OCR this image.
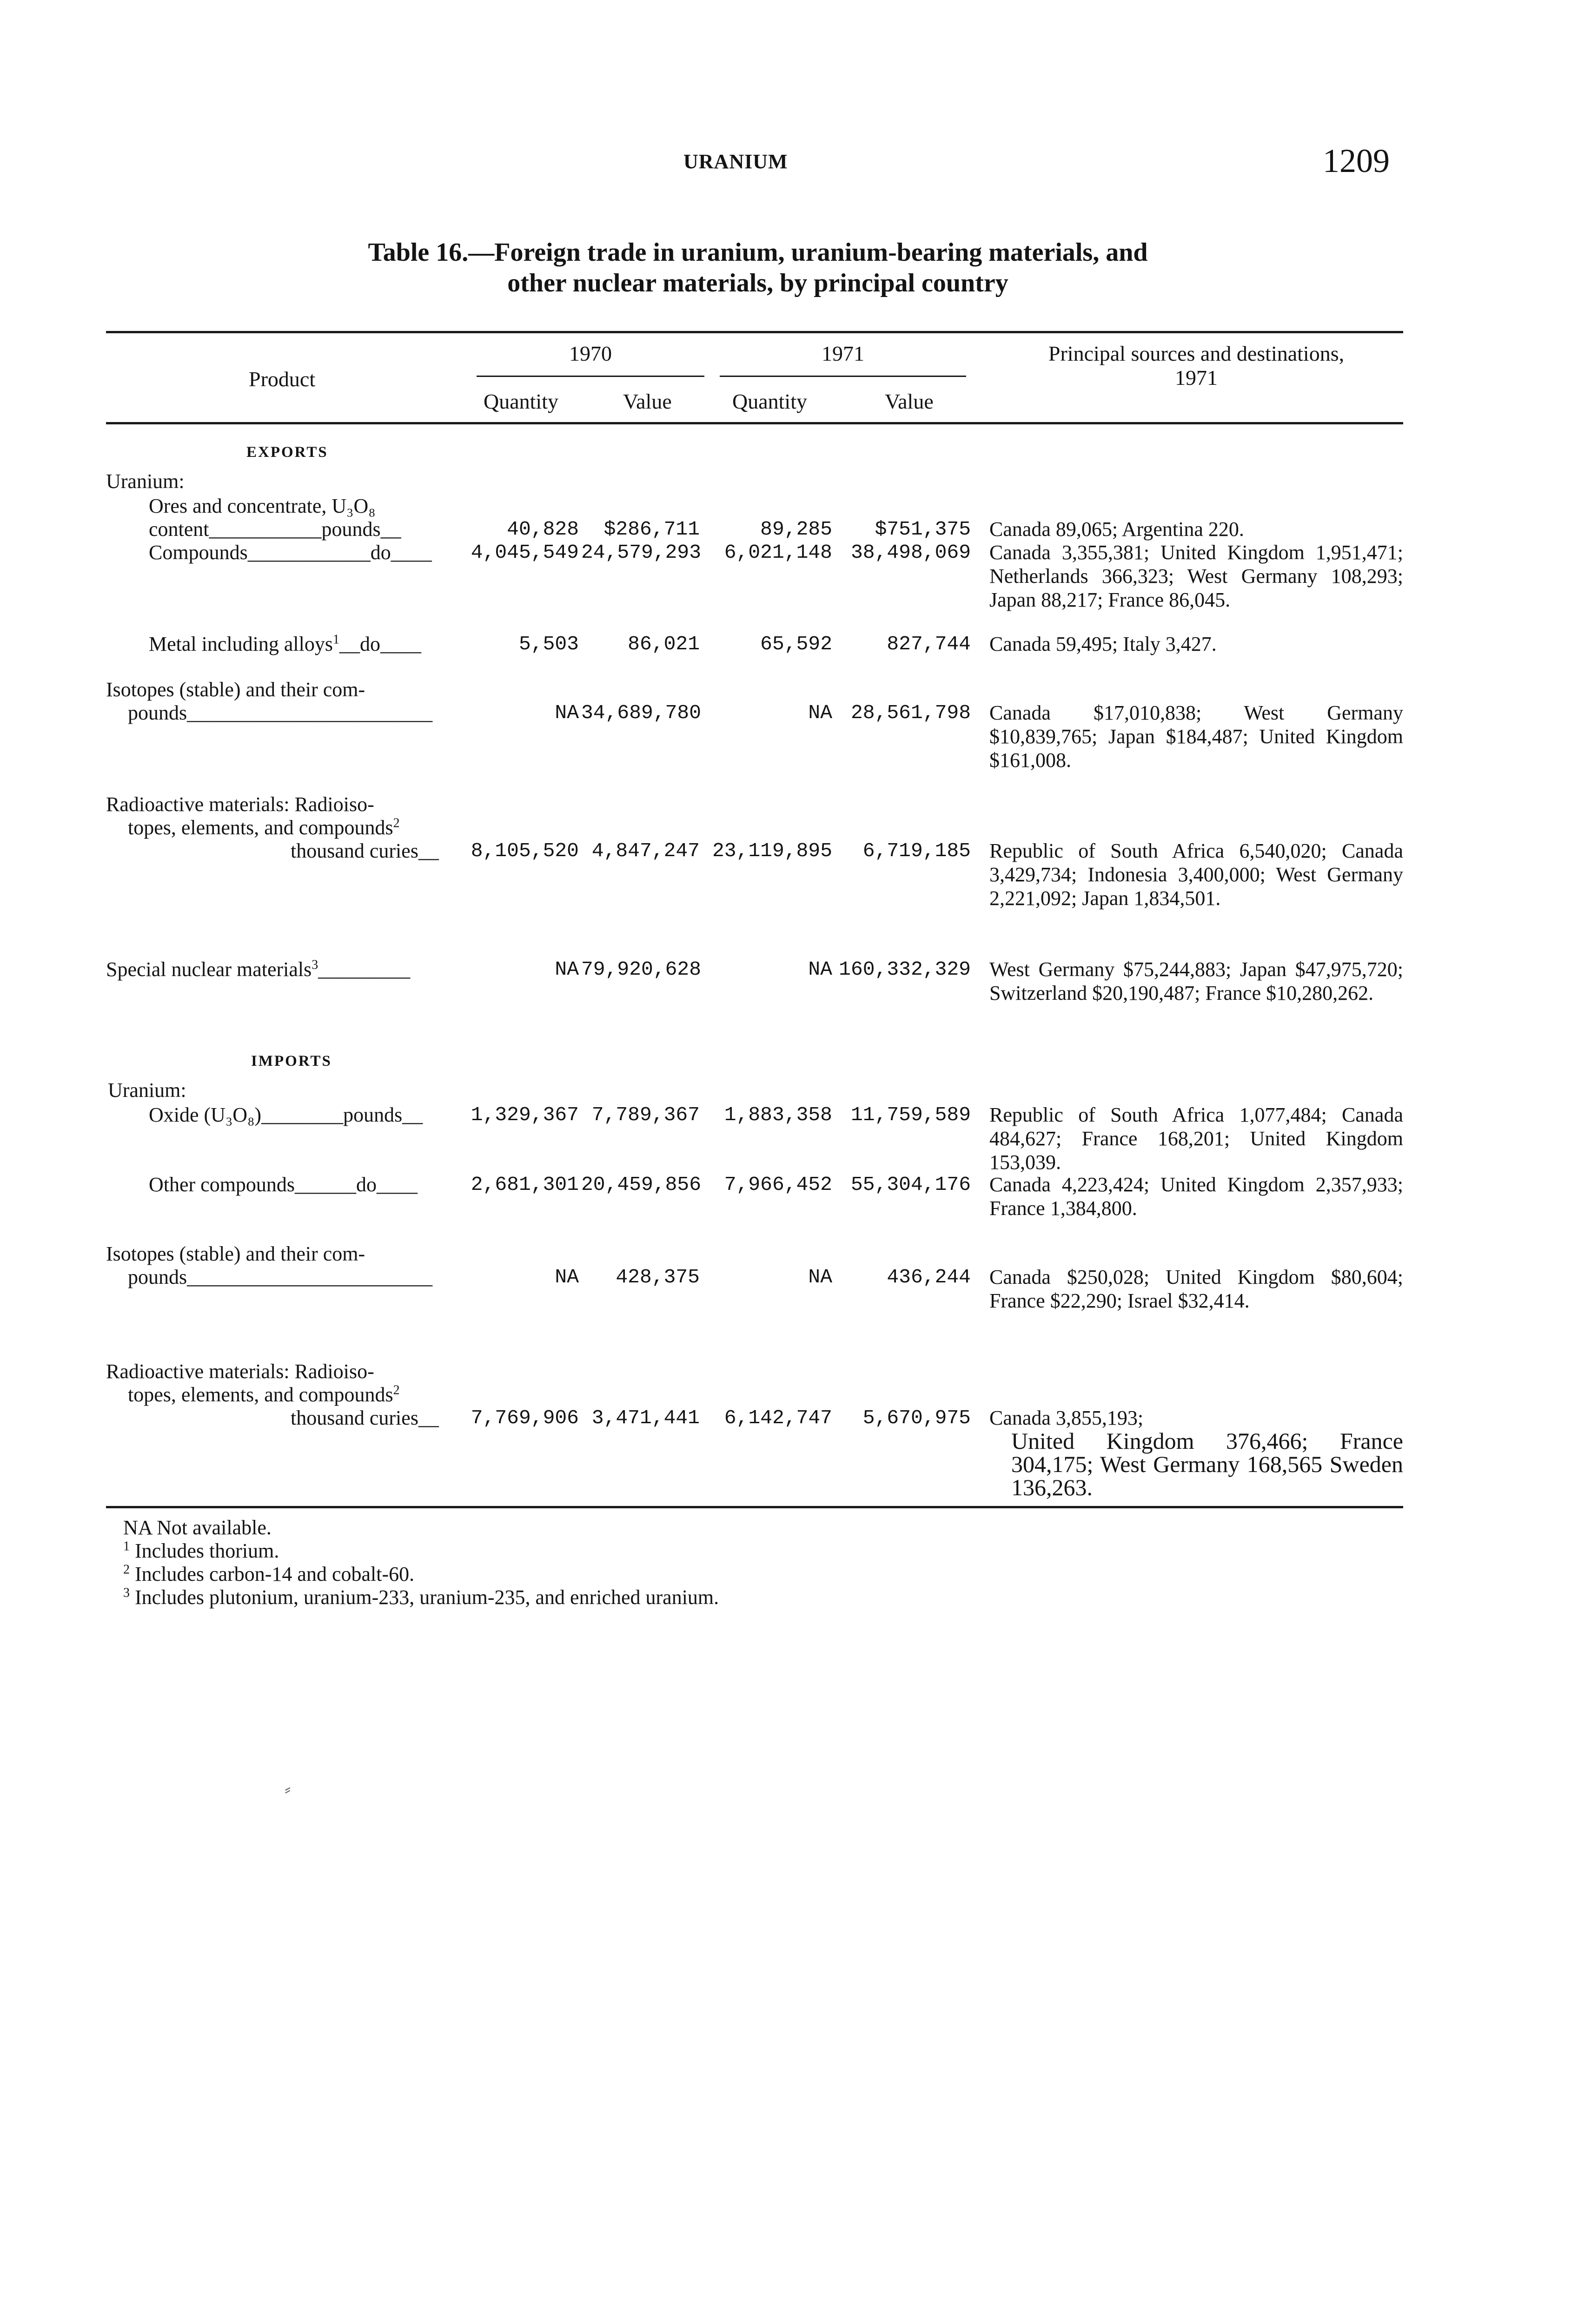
URANIUM	1209
Table 16.—Foreign trade in uranium, uranium-bearing materials, and
other nuclear materials, by principal country
Product
1970	1971	Principal sources and destinations,
1971
Quantity	Value	Quantity	Value
EXPORTS
Uranium:
Ores and concentrate, U₃O₈
content___________pounds__	40,828	$286,711	89,285	$751,375 Canada 89,065; Argentina 220.
Compounds____________do____ 4,045,549 24,579,293	6,021,148 38,498,069 Canada 3,355,381; United Kingdom 1,951,471; Netherlands 366,323; West Germany 108,293; Japan 88,217; France 86,045.
Metal including alloys$^1$__do____	5,503	86,021	65,592	827,744 Canada 59,495; Italy 3,427.
Isotopes (stable) and their com-
pounds________________________	NA 34,689,780	NA 28,561,798 Canada $17,010,838; West Germany $10,839,765; Japan $184,487; United Kingdom $161,008.
Radioactive materials: Radioiso-
topes, elements, and compounds$^2$
thousand curies__ 8,105,520 4,847,247 23,119,895	6,719,185 Republic of South Africa 6,540,020; Canada 3,429,734; Indonesia 3,400,000; West Germany 2,221,092; Japan 1,834,501.
Special nuclear materials$^3$_________	NA 79,920,628	NA 160,332,329 West Germany $75,244,883; Japan $47,975,720; Switzerland $20,190,487; France $10,280,262.
IMPORTS
Uranium:
Oxide (U₃O₈)________pounds__ 1,329,367 7,789,367	1,883,358 11,759,589 Republic of South Africa 1,077,484; Canada 484,627; France 168,201; United Kingdom 153,039.
Other compounds______do____	2,681,301 20,459,856	7,966,452 55,304,176 Canada 4,223,424; United Kingdom 2,357,933; France 1,384,800.
Isotopes (stable) and their com-
pounds________________________	NA	428,375	NA	436,244 Canada $250,028; United Kingdom $80,604; France $22,290; Israel $32,414.
Radioactive materials: Radioiso-
topes, elements, and compounds$^2$
thousand curies__ 7,769,906 3,471,441	6,142,747	5,670,975 Canada 3,855,193;
United Kingdom 376,466; France 304,175; West Germany 168,565 Sweden 136,263.
NA Not available.
$^1$ Includes thorium.
$^2$ Includes carbon-14 and cobalt-60.
$^3$ Includes plutonium, uranium-233, uranium-235, and enriched uranium.
⸗
